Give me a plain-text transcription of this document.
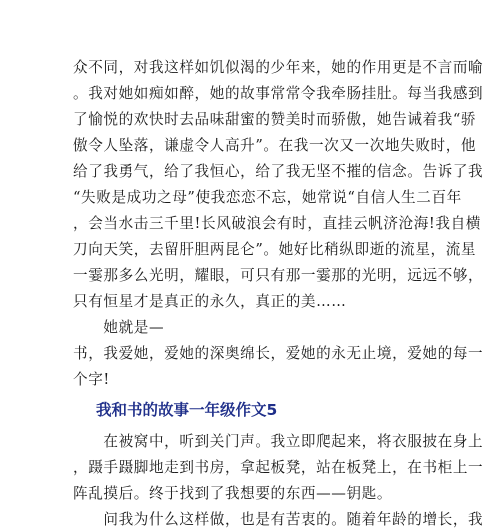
众不同，对我这样如饥似渴的少年来，她的作用更是不言而喻
。我对她如痴如醉，她的故事常常令我牵肠挂肚。每当我感到
了愉悦的欢快时去品味甜蜜的赞美时而骄傲，她告诫着我“骄
傲令人坠落，谦虚令人高升”。在我一次又一次地失败时，他
给了我勇气，给了我恒心，给了我无坚不摧的信念。告诉了我
“失败是成功之母”使我恋恋不忘，她常说“自信人生二百年
，会当水击三千里!长风破浪会有时，直挂云帆济沧海!我自横
刀向天笑，去留肝胆两昆仑”。她好比稍纵即逝的流星，流星
一霎那多么光明，耀眼，可只有那一霎那的光明，远远不够，
只有恒星才是真正的永久，真正的美……
　　她就是—
书，我爱她，爱她的深奥绵长，爱她的永无止境，爱她的每一
个字!
我和书的故事一年级作文5
　　在被窝中，听到关门声。我立即爬起来，将衣服披在身上
，蹑手蹑脚地走到书房，拿起板凳，站在板凳上，在书柜上一
阵乱摸后。终于找到了我想要的东西——钥匙。
　　问我为什么这样做，也是有苦衷的。随着年龄的增长，我
